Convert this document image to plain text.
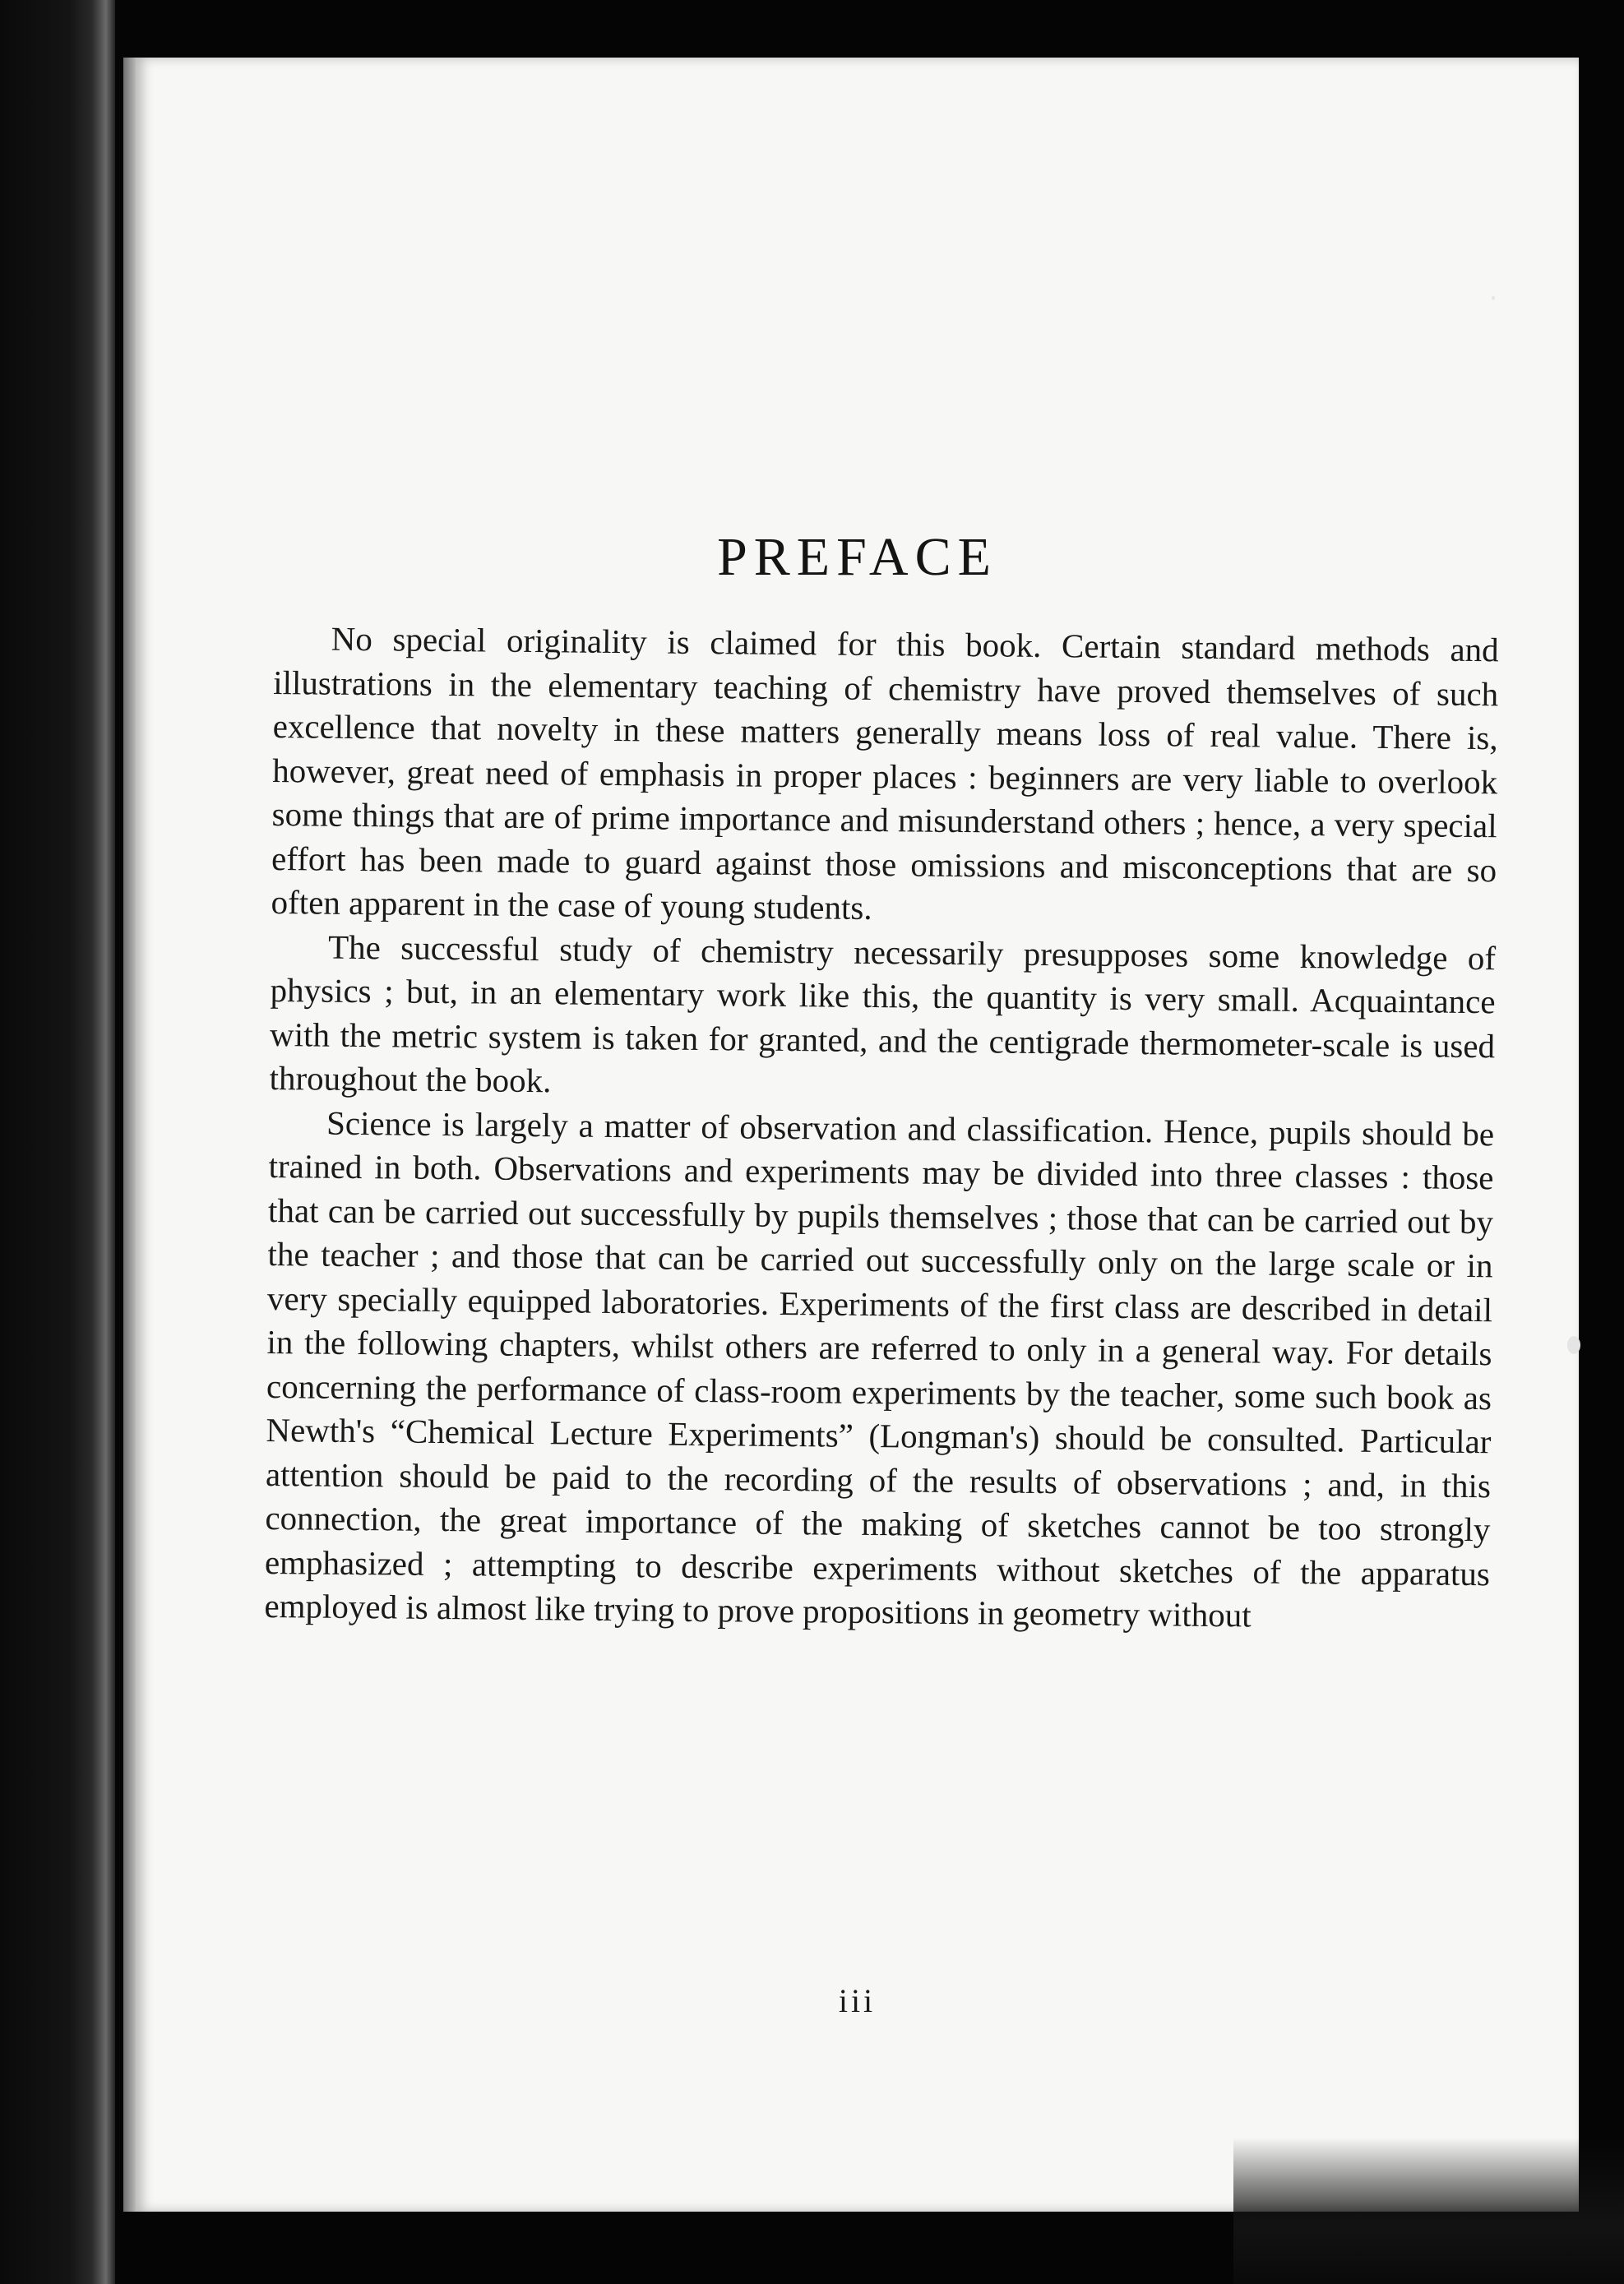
PREFACE

No special originality is claimed for this book. Certain standard methods and illustrations in the elementary teaching of chemistry have proved themselves of such excellence that novelty in these matters generally means loss of real value. There is, however, great need of emphasis in proper places : beginners are very liable to overlook some things that are of prime importance and misunderstand others ; hence, a very special effort has been made to guard against those omissions and misconceptions that are so often apparent in the case of young students.

The successful study of chemistry necessarily presupposes some knowledge of physics ; but, in an elementary work like this, the quantity is very small. Acquaintance with the metric system is taken for granted, and the centigrade thermometer-scale is used throughout the book.

Science is largely a matter of observation and classification. Hence, pupils should be trained in both. Observations and experiments may be divided into three classes : those that can be carried out successfully by pupils themselves ; those that can be carried out by the teacher ; and those that can be carried out successfully only on the large scale or in very specially equipped laboratories. Experiments of the first class are described in detail in the following chapters, whilst others are referred to only in a general way. For details concerning the performance of class-room experiments by the teacher, some such book as Newth's “Chemical Lecture Experiments” (Longman's) should be consulted. Particular attention should be paid to the recording of the results of observations ; and, in this connection, the great importance of the making of sketches cannot be too strongly emphasized ; attempting to describe experiments without sketches of the apparatus employed is almost like trying to prove propositions in geometry without

iii
